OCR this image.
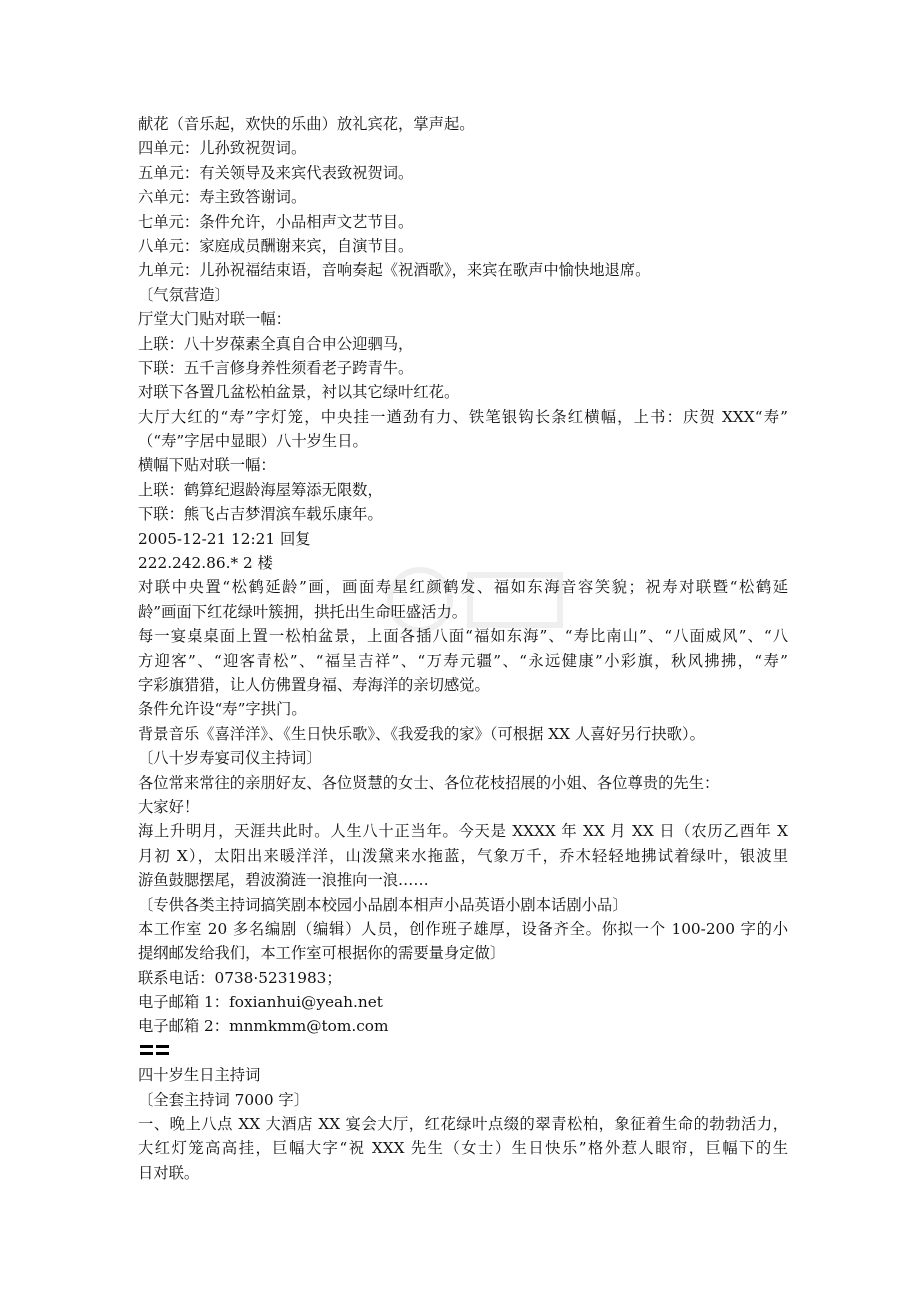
献花（音乐起，欢快的乐曲）放礼宾花，掌声起。
四单元：儿孙致祝贺词。
五单元：有关领导及来宾代表致祝贺词。
六单元：寿主致答谢词。
七单元：条件允许，小品相声文艺节目。
八单元：家庭成员酬谢来宾，自演节目。
九单元：儿孙祝福结束语，音响奏起《祝酒歌》，来宾在歌声中愉快地退席。
〔气氛营造〕
厅堂大门贴对联一幅：
上联：八十岁葆素全真自合申公迎驷马，
下联：五千言修身养性须看老子跨青牛。
对联下各置几盆松柏盆景，衬以其它绿叶红花。
大厅大红的“寿”字灯笼，中央挂一遒劲有力、铁笔银钩长条红横幅，上书：庆贺 XXX“寿”
（“寿”字居中显眼）八十岁生日。
横幅下贴对联一幅：
上联：鹤算纪遐龄海屋筹添无限数，
下联：熊飞占吉梦渭滨车载乐康年。
2005-12-21 12:21 回复
222.242.86.* 2 楼
对联中央置“松鹤延龄”画，画面寿星红颜鹤发、福如东海音容笑貌；祝寿对联暨“松鹤延
龄”画面下红花绿叶簇拥，拱托出生命旺盛活力。
每一宴桌桌面上置一松柏盆景，上面各插八面“福如东海”、“寿比南山”、“八面威风”、“八
方迎客”、“迎客青松”、“福呈吉祥”、“万寿元疆”、“永远健康”小彩旗，秋风拂拂，“寿”
字彩旗猎猎，让人仿佛置身福、寿海洋的亲切感觉。
条件允许设“寿”字拱门。
背景音乐《喜洋洋》、《生日快乐歌》、《我爱我的家》（可根据 XX 人喜好另行抉歌）。
〔八十岁寿宴司仪主持词〕
各位常来常往的亲朋好友、各位贤慧的女士、各位花枝招展的小姐、各位尊贵的先生：
大家好！
海上升明月，天涯共此时。人生八十正当年。今天是 XXXX 年 XX 月 XX 日（农历乙酉年 X
月初 X），太阳出来暖洋洋，山泼黛来水拖蓝，气象万千，乔木轻轻地拂试着绿叶，银波里
游鱼鼓腮摆尾，碧波漪涟一浪推向一浪……
〔专供各类主持词搞笑剧本校园小品剧本相声小品英语小剧本话剧小品〕
本工作室 20 多名编剧（编辑）人员，创作班子雄厚，设备齐全。你拟一个 100-200 字的小
提纲邮发给我们，本工作室可根据你的需要量身定做〕
联系电话：0738·5231983；
电子邮箱 1：foxianhui@yeah.net
电子邮箱 2：mnmkmm@tom.com
四十岁生日主持词
〔全套主持词 7000 字〕
一、晚上八点 XX 大酒店 XX 宴会大厅，红花绿叶点缀的翠青松柏，象征着生命的勃勃活力，
大红灯笼高高挂，巨幅大字“祝 XXX 先生（女士）生日快乐”格外惹人眼帘，巨幅下的生
日对联。
